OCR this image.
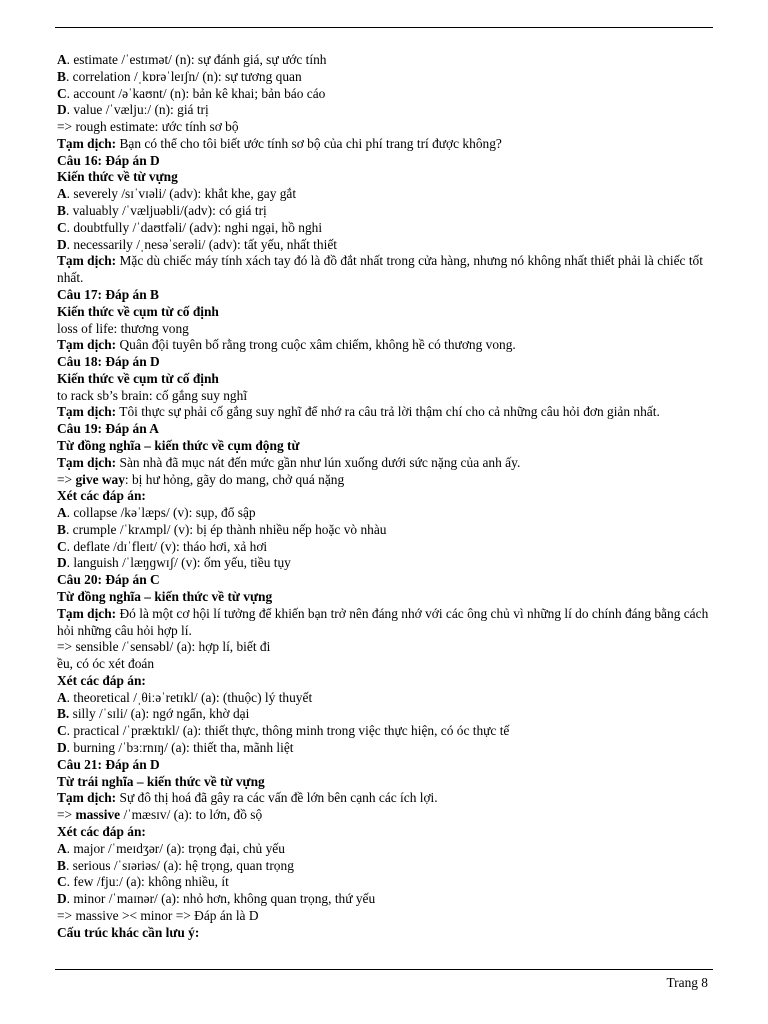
A. estimate /ˈestɪmət/ (n): sự đánh giá, sự ước tính
B. correlation /ˌkɒrəˈleɪʃn/ (n): sự tương quan
C. account /əˈkaʊnt/ (n): bản kê khai; bản báo cáo
D. value /ˈvæljuː/ (n): giá trị
=> rough estimate: ước tính sơ bộ
Tạm dịch: Bạn có thể cho tôi biết ước tính sơ bộ của chi phí trang trí được không?
Câu 16: Đáp án D
Kiến thức về từ vựng
A. severely /sɪˈvɪəli/ (adv): khắt khe, gay gắt
B. valuably /ˈvæljuəbli/(adv): có giá trị
C. doubtfully /ˈdaʊtfəli/ (adv): nghi ngại, hồ nghi
D. necessarily /ˌnesəˈserəli/ (adv): tất yếu, nhất thiết
Tạm dịch: Mặc dù chiếc máy tính xách tay đó là đồ đắt nhất trong cửa hàng, nhưng nó không nhất thiết phải là chiếc tốt nhất.
Câu 17: Đáp án B
Kiến thức về cụm từ cố định
loss of life: thương vong
Tạm dịch: Quân đội tuyên bố rằng trong cuộc xâm chiếm, không hề có thương vong.
Câu 18: Đáp án D
Kiến thức về cụm từ cố định
to rack sb’s brain: cố gắng suy nghĩ
Tạm dịch: Tôi thực sự phải cố gắng suy nghĩ để nhớ ra câu trả lời thậm chí cho cả những câu hỏi đơn giản nhất.
Câu 19: Đáp án A
Từ đồng nghĩa – kiến thức về cụm động từ
Tạm dịch: Sàn nhà đã mục nát đến mức gần như lún xuống dưới sức nặng của anh ấy.
=> give way: bị hư hỏng, gãy do mang, chở quá nặng
Xét các đáp án:
A. collapse /kəˈlæps/ (v): sụp, đổ sập
B. crumple /ˈkrʌmpl/ (v): bị ép thành nhiều nếp hoặc vò nhàu
C. deflate /dɪˈfleɪt/ (v): tháo hơi, xả hơi
D. languish /ˈlæŋɡwɪʃ/ (v): ốm yếu, tiều tụy
Câu 20: Đáp án C
Từ đồng nghĩa – kiến thức về từ vựng
Tạm dịch: Đó là một cơ hội lí tưởng để khiến bạn trở nên đáng nhớ với các ông chủ vì những lí do chính đáng bằng cách hỏi những câu hỏi hợp lí.
=> sensible /ˈsensəbl/ (a): hợp lí, biết đi
ều, có óc xét đoán
Xét các đáp án:
A. theoretical /ˌθiːəˈretɪkl/ (a): (thuộc) lý thuyết
B. silly /ˈsɪli/ (a): ngớ ngẩn, khờ dại
C. practical /ˈpræktɪkl/ (a): thiết thực, thông minh trong việc thực hiện, có óc thực tế
D. burning /ˈbɜːrnɪŋ/ (a): thiết tha, mãnh liệt
Câu 21: Đáp án D
Từ trái nghĩa – kiến thức về từ vựng
Tạm dịch: Sự đô thị hoá đã gây ra các vấn đề lớn bên cạnh các ích lợi.
=> massive /ˈmæsɪv/ (a): to lớn, đồ sộ
Xét các đáp án:
A. major /ˈmeɪdʒər/ (a): trọng đại, chủ yếu
B. serious /ˈsɪəriəs/ (a): hệ trọng, quan trọng
C. few /fjuː/ (a): không nhiều, ít
D. minor /ˈmaɪnər/ (a): nhỏ hơn, không quan trọng, thứ yếu
=> massive >< minor => Đáp án là D
Cấu trúc khác cần lưu ý:
Trang 8
